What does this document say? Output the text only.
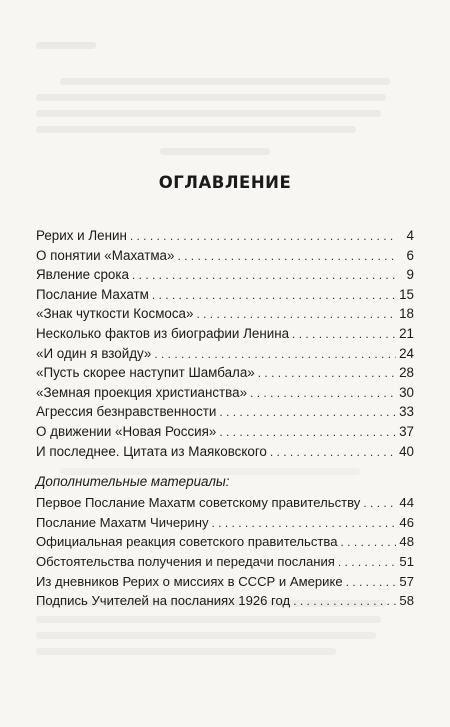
ОГЛАВЛЕНИЕ
Рерих и Ленин . . .	4
О понятии «Махатма» . . .	6
Явление срока . . .	9
Послание Махатм . . .	15
«Знак чуткости Космоса» . . .	18
Несколько фактов из биографии Ленина . . .	21
«И один я взойду» . . .	24
«Пусть скорее наступит Шамбала» . . .	28
«Земная проекция христианства» . . .	30
Агрессия безнравственности . . .	33
О движении «Новая Россия» . . .	37
И последнее. Цитата из Маяковского . . .	40
Дополнительные материалы:
Первое Послание Махатм советскому правительству . . .	44
Послание Махатм Чичерину . . .	46
Официальная реакция советского правительства . . .	48
Обстоятельства получения и передачи послания . . .	51
Из дневников Рерих о миссиях в СССР и Америке . . .	57
Подпись Учителей на посланиях 1926 год . . .	58
